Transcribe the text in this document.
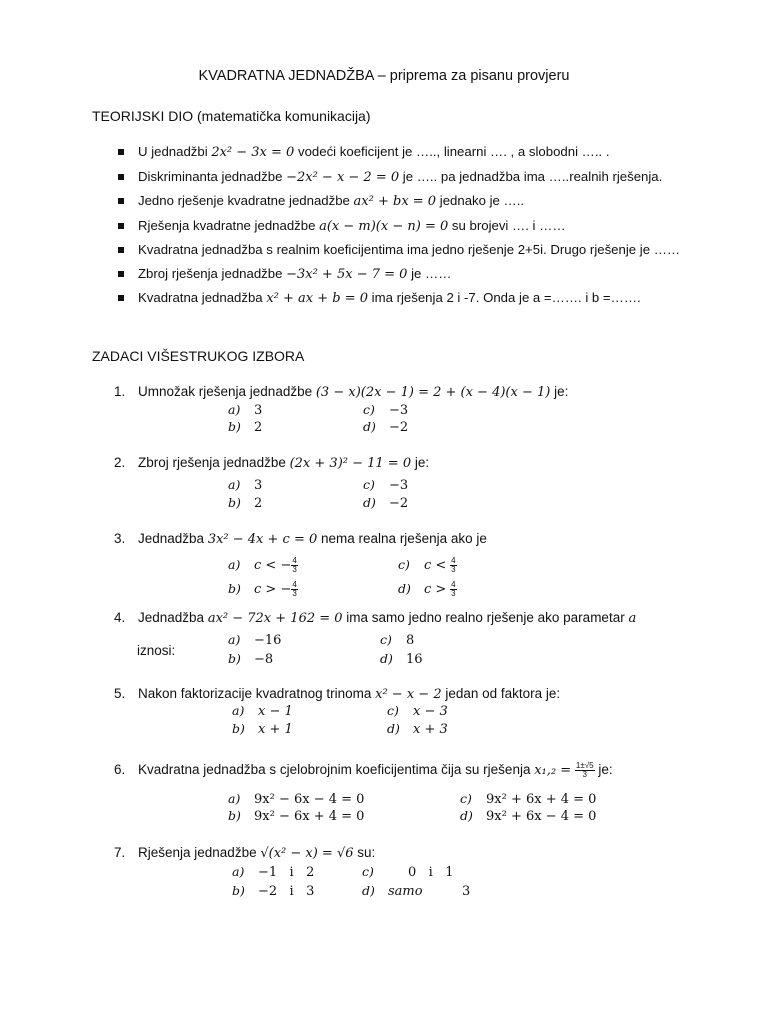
KVADRATNA JEDNADŽBA – priprema za pisanu provjeru
TEORIJSKI DIO (matematička komunikacija)
U jednadžbi 2x² − 3x = 0 vodeći koeficijent je ….., linearni …. , a slobodni ….. .
Diskriminanta jednadžbe −2x² − x − 2 = 0 je ….. pa jednadžba ima …..realnih rješenja.
Jedno rješenje kvadratne jednadžbe ax² + bx = 0 jednako je …..
Rješenja kvadratne jednadžbe a(x − m)(x − n) = 0 su brojevi …. i ……
Kvadratna jednadžba s realnim koeficijentima ima jedno rješenje 2+5i. Drugo rješenje je ……
Zbroj rješenja jednadžbe −3x² + 5x − 7 = 0 je ……
Kvadratna jednadžba x² + ax + b = 0 ima rješenja 2 i -7. Onda je a =……. i b =…….
ZADACI VIŠESTRUKOG IZBORA
1. Umnožak rješenja jednadžbe (3 − x)(2x − 1) = 2 + (x − 4)(x − 1) je:
a) 3
b) 2
c) −3
d) −2
2. Zbroj rješenja jednadžbe (2x + 3)² − 11 = 0 je:
a) 3
b) 2
c) −3
d) −2
3. Jednadžba 3x² − 4x + c = 0 nema realna rješenja ako je
a) c < − $\frac{4}{3}$
b) c > − $\frac{4}{3}$
c) $c < \frac{4}{3}$
d) $c > \frac{4}{3}$
4. Jednadžba ax² − 72x + 162 = 0 ima samo jedno realno rješenje ako parametar a
iznosi:
a) −16
b) −8
c) 8
d) 16
5. Nakon faktorizacije kvadratnog trinoma x² − x − 2 jedan od faktora je:
a) x − 1
b) x + 1
c) x − 3
d) x + 3
6. Kvadratna jednadžba s cjelobrojnim koeficijentima čija su rješenja $x_1,_2 = \frac{1\pm√5}{3}$ je:
a) 9x² − 6x − 4 = 0
b) 9x² − 6x + 4 = 0
c) 9x² + 6x + 4 = 0
d) 9x² + 6x − 4 = 0
7. Rješenja jednadžbe √(x² − x) = √6 su:
a) −1   i   2
b) −2   i   3
c)	0   i   1
d) samo	3
